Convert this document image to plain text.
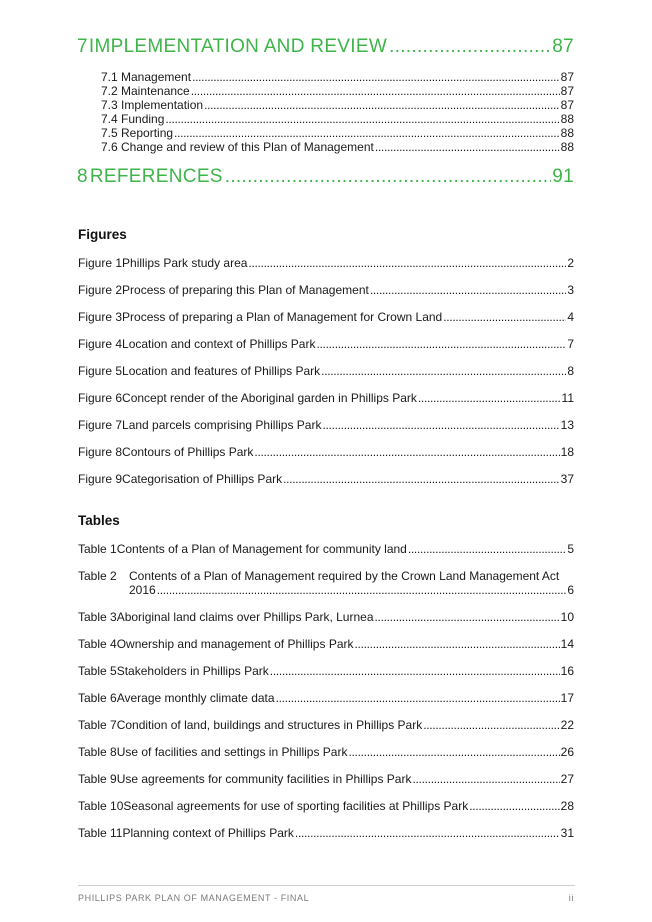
7 IMPLEMENTATION AND REVIEW .....	87
7.1 Management .....	87
7.2 Maintenance .....	87
7.3 Implementation .....	87
7.4 Funding .....	88
7.5 Reporting .....	88
7.6 Change and review of this Plan of Management .....	88
8 REFERENCES .....	91
Figures
Figure 1 Phillips Park study area .....	2
Figure 2 Process of preparing this Plan of Management .....	3
Figure 3 Process of preparing a Plan of Management for Crown Land .....	4
Figure 4 Location and context of Phillips Park .....	7
Figure 5 Location and features of Phillips Park .....	8
Figure 6 Concept render of the Aboriginal garden in Phillips Park .....	11
Figure 7 Land parcels comprising Phillips Park .....	13
Figure 8 Contours of Phillips Park .....	18
Figure 9 Categorisation of Phillips Park .....	37
Tables
Table 1 Contents of a Plan of Management for community land .....	5
Table 2	Contents of a Plan of Management required by the Crown Land Management Act
2016 .....	6
Table 3 Aboriginal land claims over Phillips Park, Lurnea .....	10
Table 4 Ownership and management of Phillips Park .....	14
Table 5 Stakeholders in Phillips Park .....	16
Table 6 Average monthly climate data .....	17
Table 7 Condition of land, buildings and structures in Phillips Park .....	22
Table 8 Use of facilities and settings in Phillips Park .....	26
Table 9 Use agreements for community facilities in Phillips Park .....	27
Table 10 Seasonal agreements for use of sporting facilities at Phillips Park .....	28
Table 11 Planning context of Phillips Park .....	31
PHILLIPS PARK PLAN OF MANAGEMENT - FINAL	ii
